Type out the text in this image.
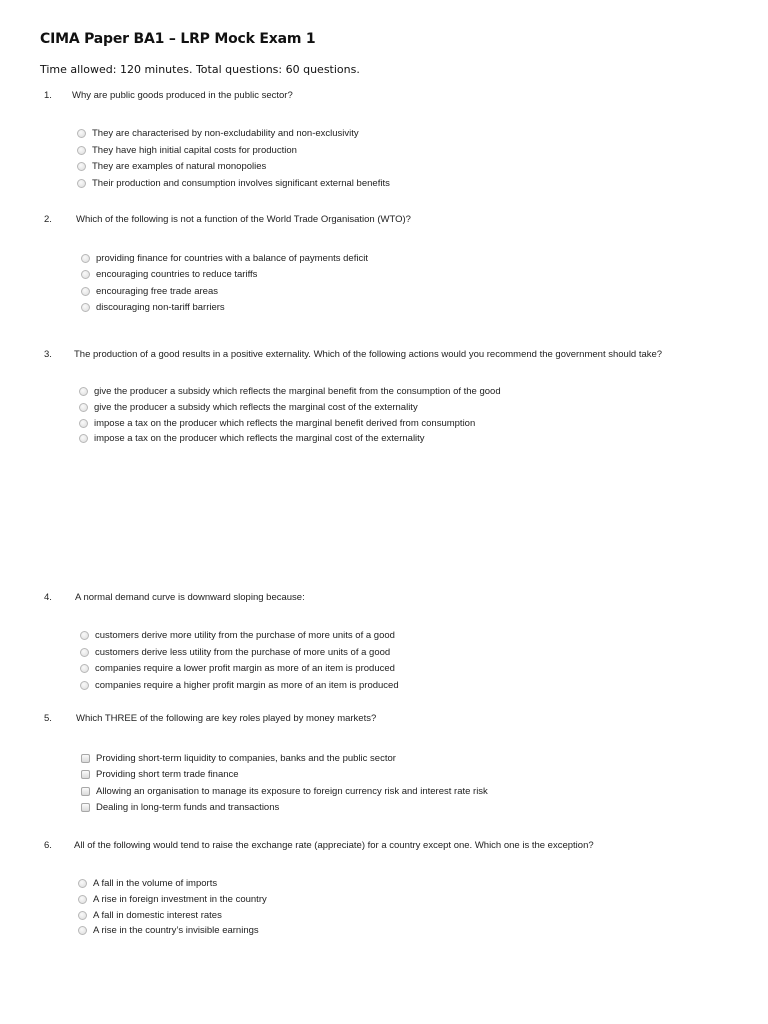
CIMA Paper BA1 – LRP Mock Exam 1
Time allowed: 120 minutes. Total questions: 60 questions.
1. Why are public goods produced in the public sector?
They are characterised by non-excludability and non-exclusivity
They have high initial capital costs for production
They are examples of natural monopolies
Their production and consumption involves significant external benefits
2.	Which of the following is not a function of the World Trade Organisation (WTO)?
providing finance for countries with a balance of payments deficit
encouraging countries to reduce tariffs
encouraging free trade areas
discouraging non-tariff barriers
3. The production of a good results in a positive externality. Which of the following actions would you recommend the government should take?
give the producer a subsidy which reflects the marginal benefit from the consumption of the good
give the producer a subsidy which reflects the marginal cost of the externality
impose a tax on the producer which reflects the marginal benefit derived from consumption
impose a tax on the producer which reflects the marginal cost of the externality
4. A normal demand curve is downward sloping because:
customers derive more utility from the purchase of more units of a good
customers derive less utility from the purchase of more units of a good
companies require a lower profit margin as more of an item is produced
companies require a higher profit margin as more of an item is produced
5.	Which THREE of the following are key roles played by money markets?
Providing short-term liquidity to companies, banks and the public sector
Providing short term trade finance
Allowing an organisation to manage its exposure to foreign currency risk and interest rate risk
Dealing in long-term funds and transactions
6. All of the following would tend to raise the exchange rate (appreciate) for a country except one. Which one is the exception?
A fall in the volume of imports
A rise in foreign investment in the country
A fall in domestic interest rates
A rise in the country’s invisible earnings
